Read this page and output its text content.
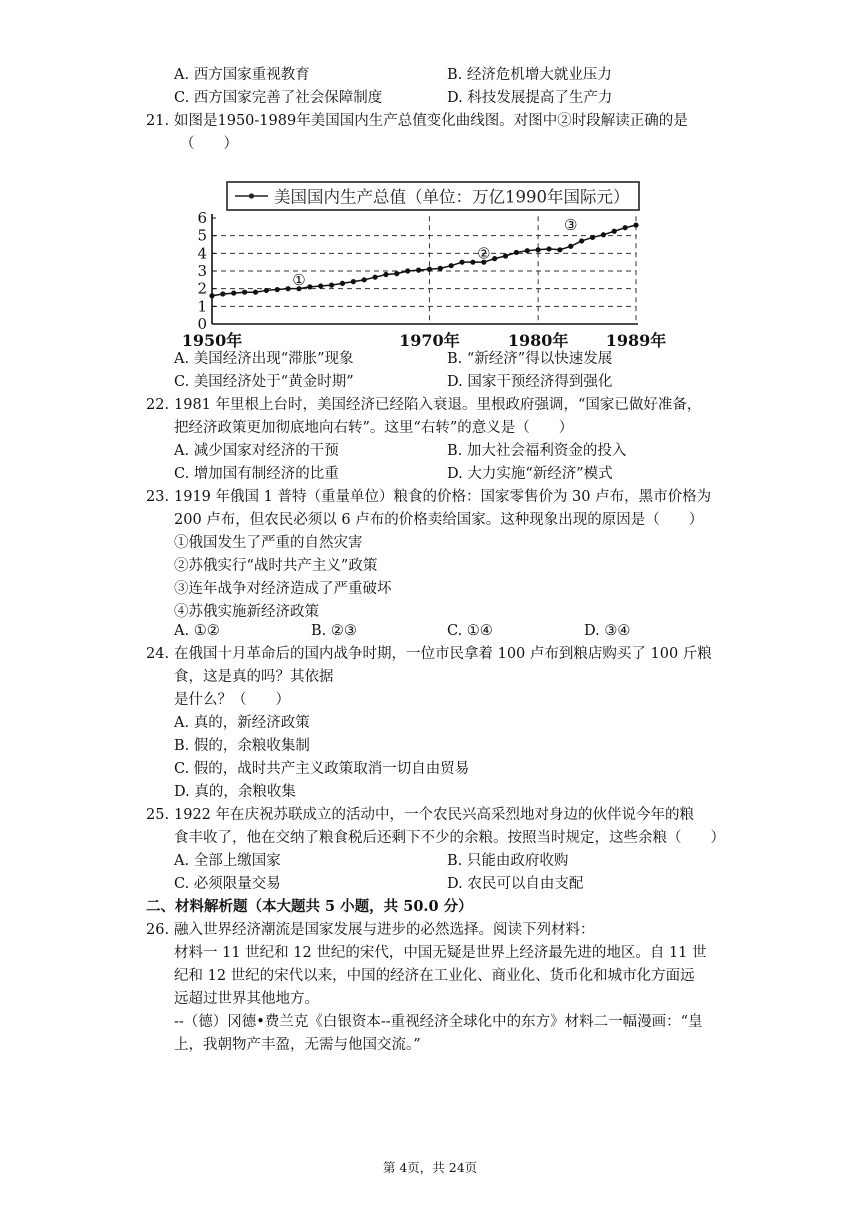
A. 西方国家重视教育	B. 经济危机增大就业压力
C. 西方国家完善了社会保障制度	D. 科技发展提高了生产力
21. 如图是1950-1989年美国国内生产总值变化曲线图。对图中②时段解读正确的是
（　　）
美国国内生产总值（单位：万亿1990年国际元）
0
1
2
3
4
5
6
1950年	1970年	1980年 1989年
①
②
③
A. 美国经济出现“滞胀”现象	B. “新经济”得以快速发展
C. 美国经济处于“黄金时期”	D. 国家干预经济得到强化
22. 1981 年里根上台时，美国经济已经陷入衰退。里根政府强调，“国家已做好准备，
把经济政策更加彻底地向右转”。这里“右转”的意义是（　　）
A. 减少国家对经济的干预	B. 加大社会福利资金的投入
C. 增加国有制经济的比重	D. 大力实施“新经济”模式
23. 1919 年俄国 1 普特（重量单位）粮食的价格：国家零售价为 30 卢布，黑市价格为
200 卢布，但农民必须以 6 卢布的价格卖给国家。这种现象出现的原因是（　　）
①俄国发生了严重的自然灾害
②苏俄实行“战时共产主义”政策
③连年战争对经济造成了严重破坏
④苏俄实施新经济政策
A. ①②	B. ②③	C. ①④	D. ③④
24. 在俄国十月革命后的国内战争时期，一位市民拿着 100 卢布到粮店购买了 100 斤粮
食，这是真的吗？其依据
是什么？（　　）
A. 真的，新经济政策
B. 假的，余粮收集制
C. 假的，战时共产主义政策取消一切自由贸易
D. 真的，余粮收集
25. 1922 年在庆祝苏联成立的活动中，一个农民兴高采烈地对身边的伙伴说今年的粮
食丰收了，他在交纳了粮食税后还剩下不少的余粮。按照当时规定，这些余粮（　　）
A. 全部上缴国家	B. 只能由政府收购
C. 必须限量交易	D. 农民可以自由支配
二、材料解析题（本大题共 5 小题，共 50.0 分）
26. 融入世界经济潮流是国家发展与进步的必然选择。阅读下列材料：
材料一 11 世纪和 12 世纪的宋代，中国无疑是世界上经济最先进的地区。自 11 世
纪和 12 世纪的宋代以来，中国的经济在工业化、商业化、货币化和城市化方面远
远超过世界其他地方。
--（德）冈德•费兰克《白银资本--重视经济全球化中的东方》材料二一幅漫画：“皇
上，我朝物产丰盈，无需与他国交流。”
第 4页，共 24页
